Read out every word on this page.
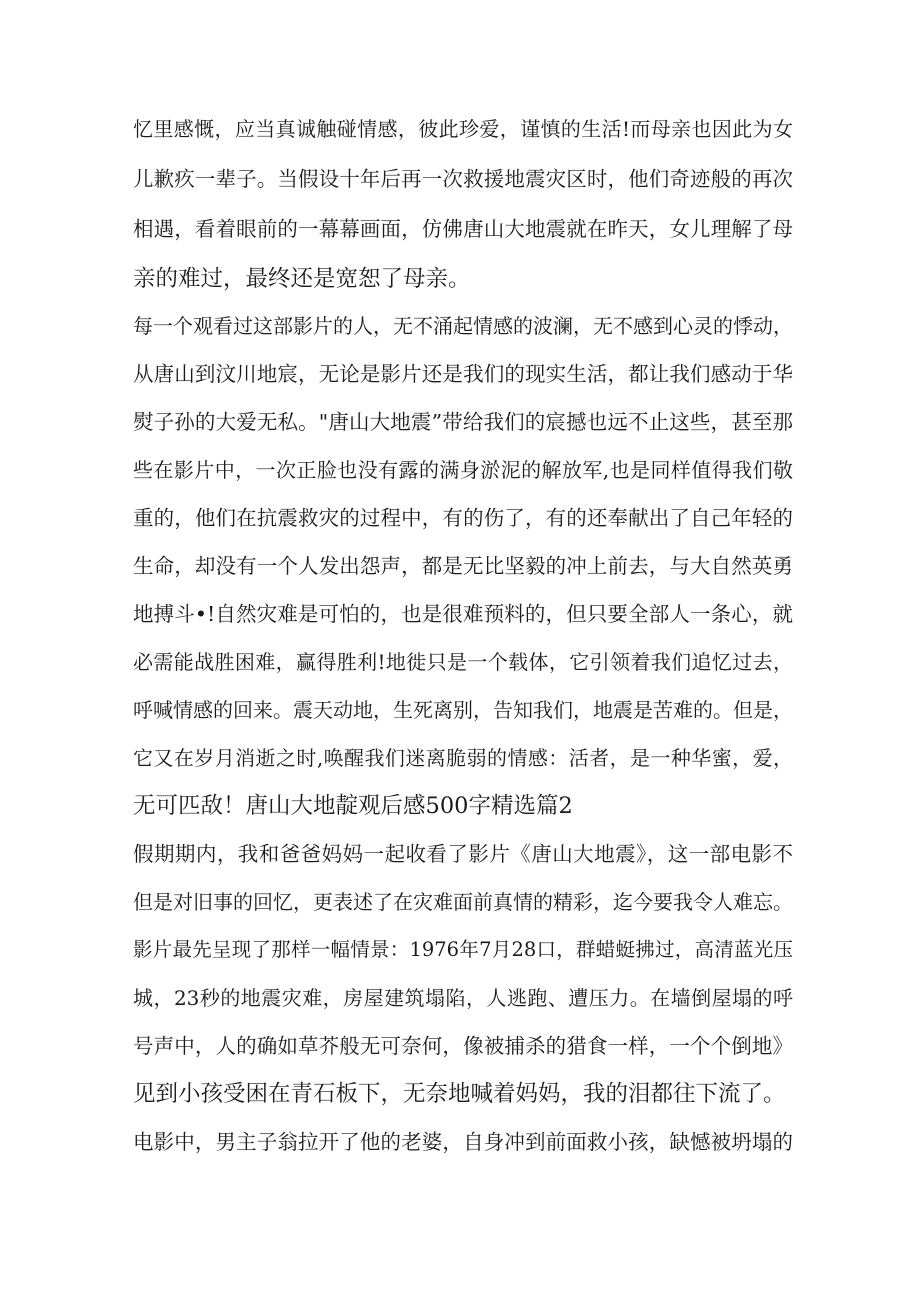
忆里感慨，应当真诚触碰情感，彼此珍爱，谨慎的生活!而母亲也因此为女
儿歉疚一辈子。当假设十年后再一次救援地震灾区时，他们奇迹般的再次
相遇，看着眼前的一幕幕画面，仿佛唐山大地震就在昨天，女儿理解了母
亲的难过，最终还是宽恕了母亲。
每一个观看过这部影片的人，无不涌起情感的波澜，无不感到心灵的悸动，
从唐山到汶川地宸，无论是影片还是我们的现实生活，都让我们感动于华
熨子孙的大爱无私。"唐山大地震”带给我们的宸撼也远不止这些，甚至那
些在影片中，一次正脸也没有露的满身淤泥的解放军,也是同样值得我们敬
重的，他们在抗震救灾的过程中，有的伤了，有的还奉献出了自己年轻的
生命，却没有一个人发出怨声，都是无比坚毅的冲上前去，与大自然英勇
地搏斗•!自然灾难是可怕的，也是很难预料的，但只要全部人一条心，就
必需能战胜困难，赢得胜利!地徙只是一个载体，它引领着我们追忆过去，
呼喊情感的回来。震天动地，生死离别，告知我们，地震是苦难的。但是，
它又在岁月消逝之时,唤醒我们迷离脆弱的情感：活者，是一种华蜜，爱，
无可匹敌！唐山大地靛观后感500字精选篇2
假期期内，我和爸爸妈妈一起收看了影片《唐山大地震》，这一部电影不
但是对旧事的回忆，更表述了在灾难面前真情的精彩，迄今要我令人难忘。
影片最先呈现了那样一幅情景：1976年7月28口，群蜡蜓拂过，高清蓝光压
城，23秒的地震灾难，房屋建筑塌陷，人逃跑、遭压力。在墙倒屋塌的呼
号声中，人的确如草芥般无可奈何，像被捕杀的猎食一样，一个个倒地》
见到小孩受困在青石板下，无奈地喊着妈妈，我的泪都往下流了。
电影中，男主子翁拉开了他的老婆，自身冲到前面救小孩，缺憾被坍塌的
